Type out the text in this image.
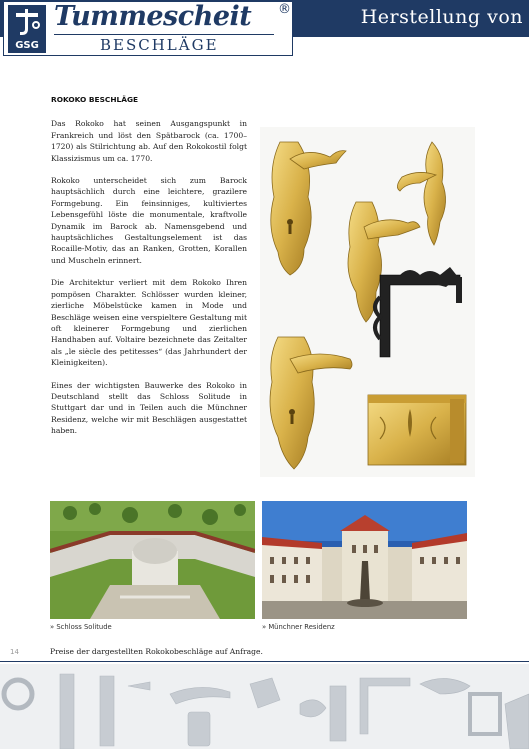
Herstellung von
GSG
Tummescheit ®
BESCHLÄGE
ROKOKO BESCHLÄGE

Das Rokoko hat seinen Ausgangspunkt in Frankreich und löst den Spätbarock (ca. 1700–1720) als Stilrichtung ab. Auf den Rokokostil folgt Klassizismus um ca. 1770.

Rokoko unterscheidet sich zum Barock hauptsächlich durch eine leichtere, grazilere Formgebung. Ein feinsinniges, kultiviertes Lebensgefühl löste die monumentale, kraftvolle Dynamik im Barock ab. Namensgebend und hauptsächliches Gestaltungselement ist das Rocaille-Motiv, das an Ranken, Grotten, Korallen und Muscheln erinnert.

Die Architektur verliert mit dem Rokoko Ihren pompösen Charakter. Schlösser wurden kleiner, zierliche Möbelstücke kamen in Mode und Beschläge weisen eine verspieltere Gestaltung mit oft kleinerer Formgebung und zierlichen Handhaben auf. Voltaire bezeichnete das Zeitalter als „le siècle des petitesses“ (das Jahrhundert der Kleinigkeiten).

Eines der wichtigsten Bauwerke des Rokoko in Deutschland stellt das Schloss Solitude in Stuttgart dar und in Teilen auch die Münchner Residenz, welche wir mit Beschlägen ausgestattet haben.

» Schloss Solitude	» Münchner Residenz
14	Preise der dargestellten Rokokobeschläge auf Anfrage.
